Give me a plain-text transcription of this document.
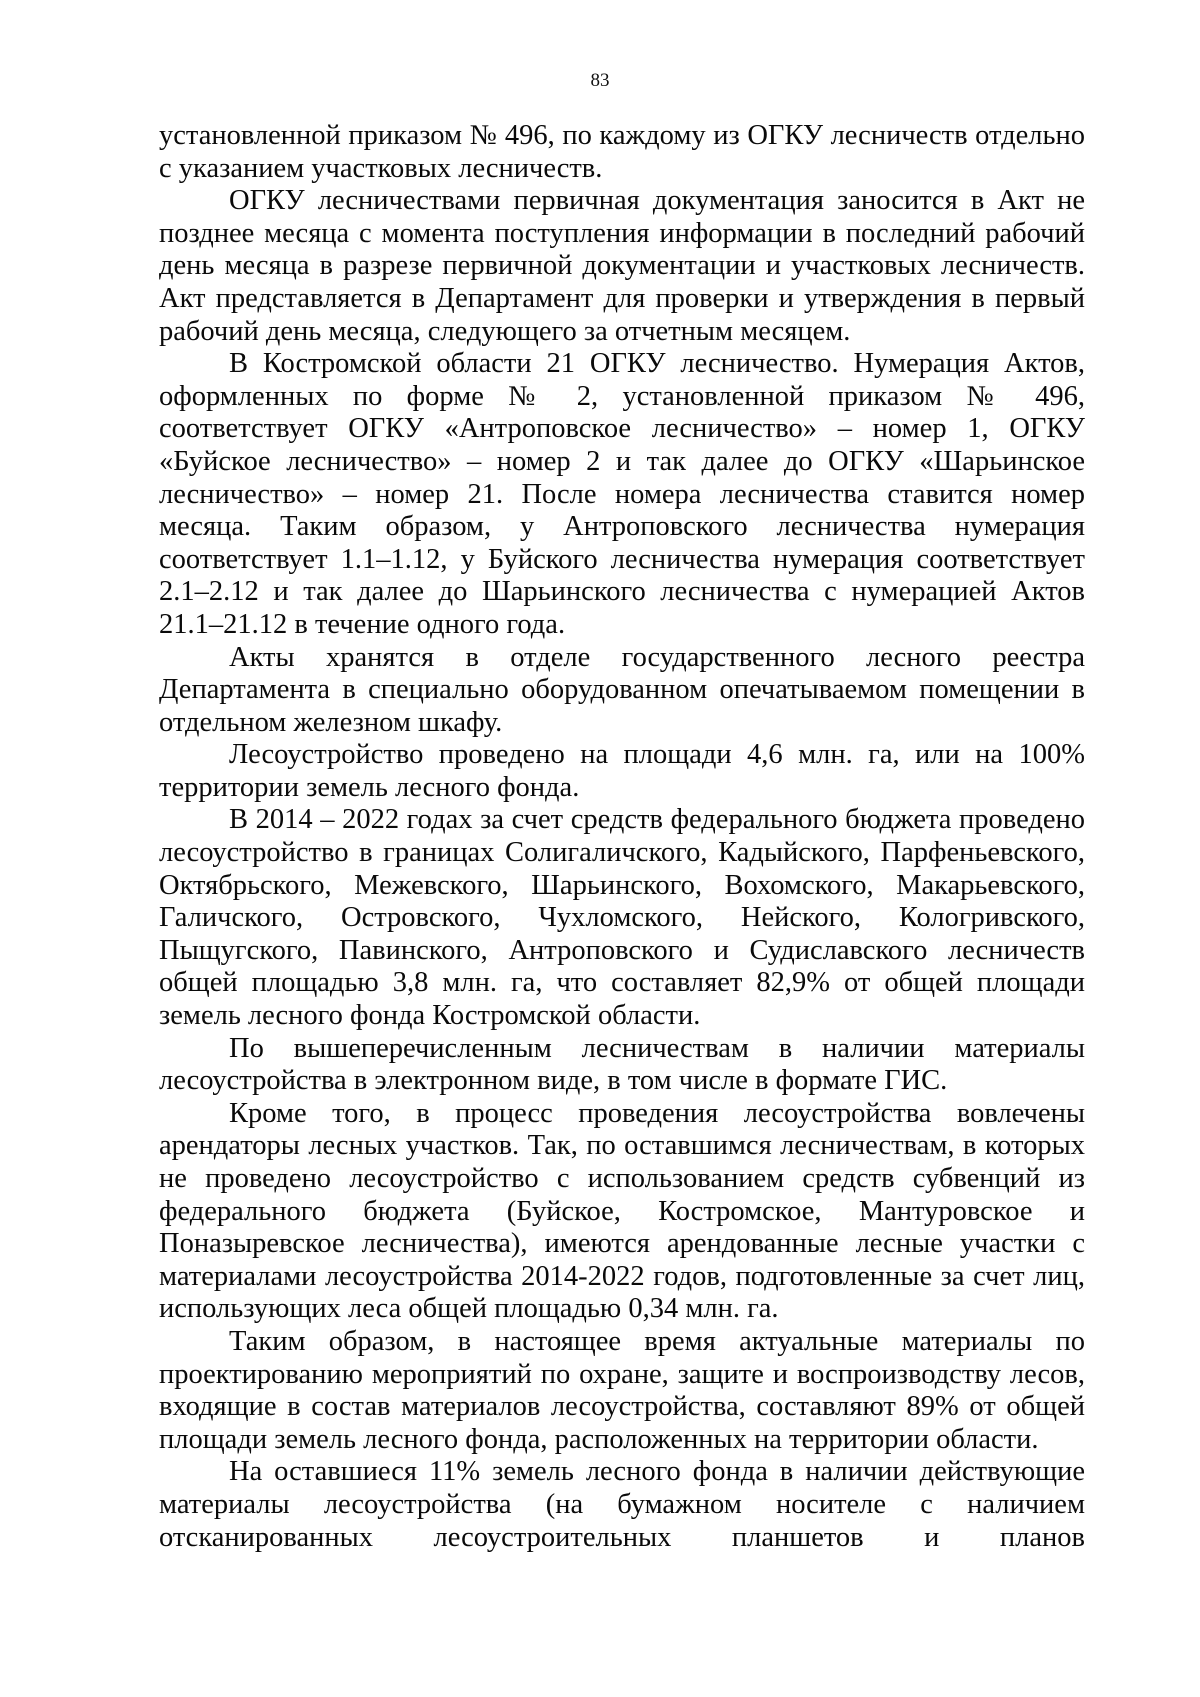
83

установленной приказом № 496, по каждому из ОГКУ лесничеств отдельно с указанием участковых лесничеств.

ОГКУ лесничествами первичная документация заносится в Акт не позднее месяца с момента поступления информации в последний рабочий день месяца в разрезе первичной документации и участковых лесничеств. Акт представляется в Департамент для проверки и утверждения в первый рабочий день месяца, следующего за отчетным месяцем.

В Костромской области 21 ОГКУ лесничество. Нумерация Актов, оформленных по форме № 2, установленной приказом № 496, соответствует ОГКУ «Антроповское лесничество» – номер 1, ОГКУ «Буйское лесничество» – номер 2 и так далее до ОГКУ «Шарьинское лесничество» – номер 21. После номера лесничества ставится номер месяца. Таким образом, у Антроповского лесничества нумерация соответствует 1.1–1.12, у Буйского лесничества нумерация соответствует 2.1–2.12 и так далее до Шарьинского лесничества с нумерацией Актов 21.1–21.12 в течение одного года.

Акты хранятся в отделе государственного лесного реестра Департамента в специально оборудованном опечатываемом помещении в отдельном железном шкафу.

Лесоустройство проведено на площади 4,6 млн. га, или на 100% территории земель лесного фонда.

В 2014 – 2022 годах за счет средств федерального бюджета проведено лесоустройство в границах Солигаличского, Кадыйского, Парфеньевского, Октябрьского, Межевского, Шарьинского, Вохомского, Макарьевского, Галичского, Островского, Чухломского, Нейского, Кологривского, Пыщугского, Павинского, Антроповского и Судиславского лесничеств общей площадью 3,8 млн. га, что составляет 82,9% от общей площади земель лесного фонда Костромской области.

По вышеперечисленным лесничествам в наличии материалы лесоустройства в электронном виде, в том числе в формате ГИС.

Кроме того, в процесс проведения лесоустройства вовлечены арендаторы лесных участков. Так, по оставшимся лесничествам, в которых не проведено лесоустройство с использованием средств субвенций из федерального бюджета (Буйское, Костромское, Мантуровское и Поназыревское лесничества), имеются арендованные лесные участки с материалами лесоустройства 2014-2022 годов, подготовленные за счет лиц, использующих леса общей площадью 0,34 млн. га.

Таким образом, в настоящее время актуальные материалы по проектированию мероприятий по охране, защите и воспроизводству лесов, входящие в состав материалов лесоустройства, составляют 89% от общей площади земель лесного фонда, расположенных на территории области.

На оставшиеся 11% земель лесного фонда в наличии действующие материалы лесоустройства (на бумажном носителе с наличием отсканированных лесоустроительных планшетов и планов
